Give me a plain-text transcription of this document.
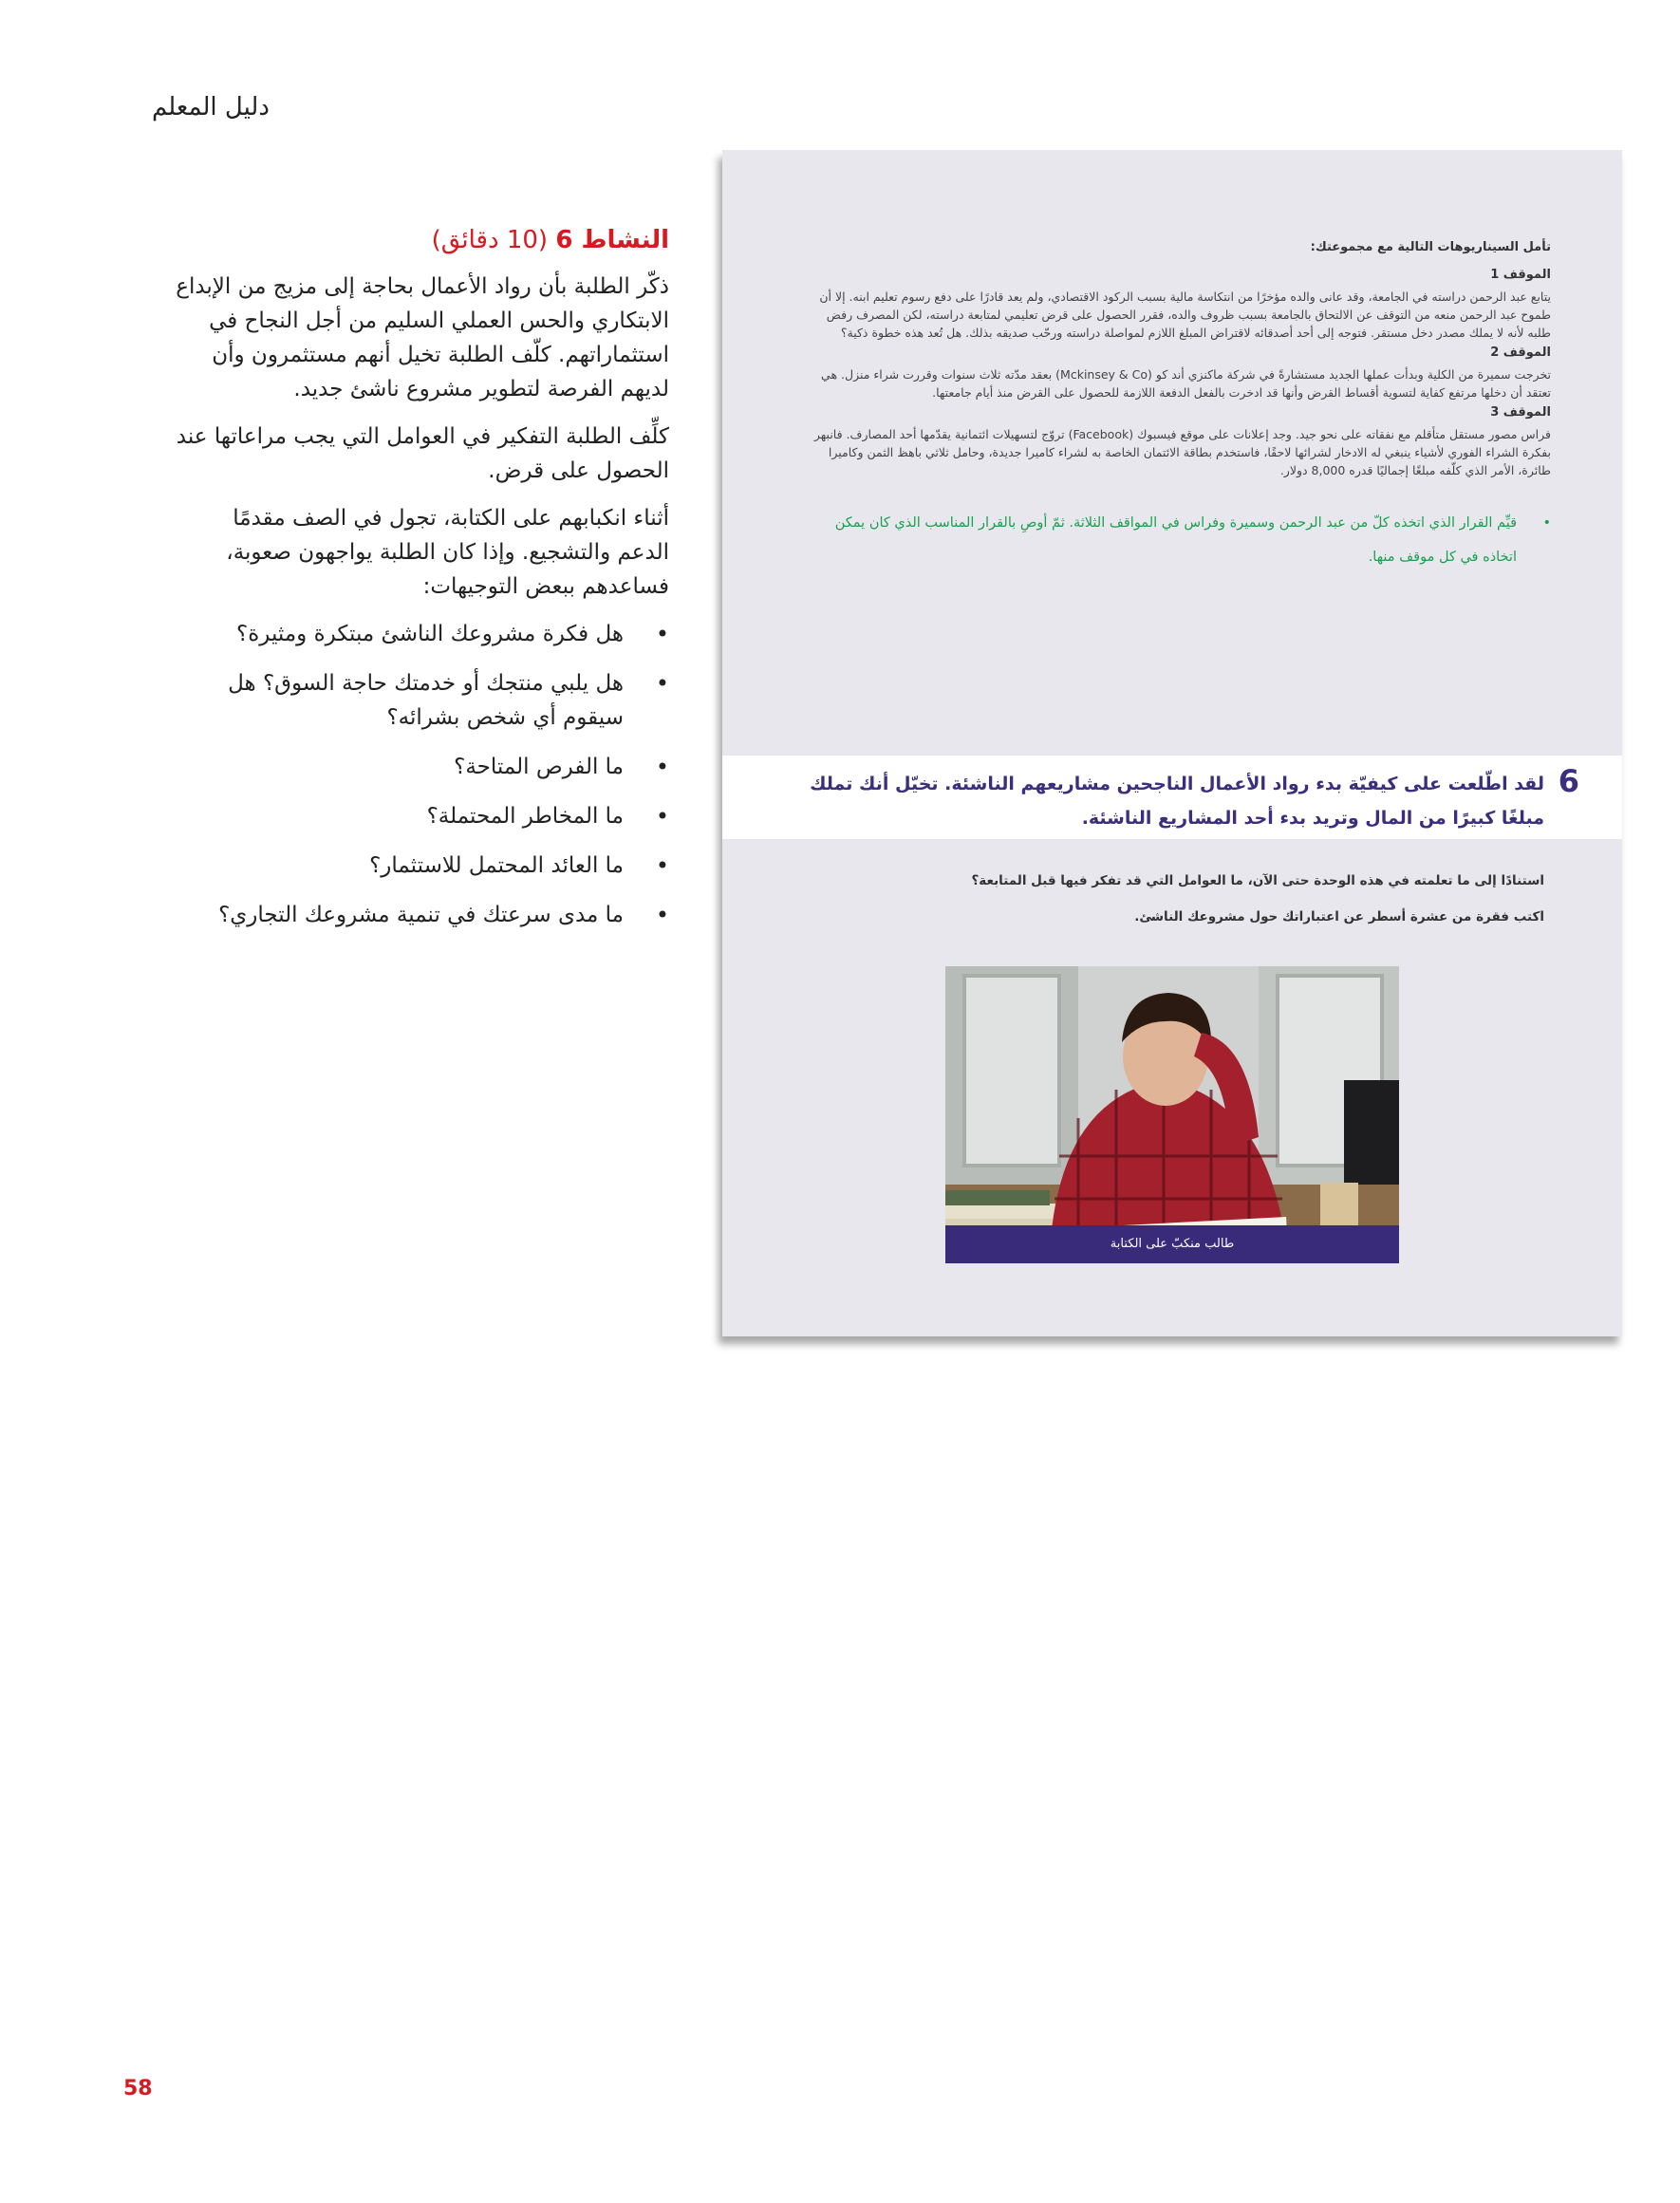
دليل المعلم
النشاط 6 (10 دقائق)

ذكّر الطلبة بأن رواد الأعمال بحاجة إلى مزيج من الإبداع الابتكاري والحس العملي السليم من أجل النجاح في استثماراتهم. كلّف الطلبة تخيل أنهم مستثمرون وأن لديهم الفرصة لتطوير مشروع ناشئ جديد.

كلِّف الطلبة التفكير في العوامل التي يجب مراعاتها عند الحصول على قرض.

أثناء انكبابهم على الكتابة، تجول في الصف مقدمًا الدعم والتشجيع. وإذا كان الطلبة يواجهون صعوبة، فساعدهم ببعض التوجيهات:

• هل فكرة مشروعك الناشئ مبتكرة ومثيرة؟
• هل يلبي منتجك أو خدمتك حاجة السوق؟ هل سيقوم أي شخص بشرائه؟
• ما الفرص المتاحة؟
• ما المخاطر المحتملة؟
• ما العائد المحتمل للاستثمار؟
• ما مدى سرعتك في تنمية مشروعك التجاري؟
تأمل السيناريوهات التالية مع مجموعتك:
الموقف 1
يتابع عبد الرحمن دراسته في الجامعة، وقد عانى والده مؤخرًا من انتكاسة مالية بسبب الركود الاقتصادي، ولم يعد قادرًا على دفع رسوم تعليم ابنه. إلا أن طموح عبد الرحمن منعه من التوقف عن الالتحاق بالجامعة بسبب ظروف والده، فقرر الحصول على قرض تعليمي لمتابعة دراسته، لكن المصرف رفض طلبه لأنه لا يملك مصدر دخل مستقر. فتوجه إلى أحد أصدقائه لاقتراض المبلغ اللازم لمواصلة دراسته ورحّب صديقه بذلك. هل تُعد هذه خطوة ذكية؟
الموقف 2
تخرجت سميرة من الكلية وبدأت عملها الجديد مستشارةً في شركة ماكنزي أند كو (Mckinsey & Co) بعقد مدّته ثلاث سنوات وقررت شراء منزل. هي تعتقد أن دخلها مرتفع كفاية لتسوية أقساط القرض وأنها قد ادخرت بالفعل الدفعة اللازمة للحصول على القرض منذ أيام جامعتها.
الموقف 3
فراس مصور مستقل متأقلم مع نفقاته على نحو جيد. وجد إعلانات على موقع فيسبوك (Facebook) تروّج لتسهيلات ائتمانية يقدّمها أحد المصارف. فانبهر بفكرة الشراء الفوري لأشياء ينبغي له الادخار لشرائها لاحقًا، فاستخدم بطاقة الائتمان الخاصة به لشراء كاميرا جديدة، وحامل ثلاثي باهظ الثمن وكاميرا طائرة، الأمر الذي كلّفه مبلغًا إجماليًا قدره 8,000 دولار.
• قيِّم القرار الذي اتخذه كلّ من عبد الرحمن وسميرة وفراس في المواقف الثلاثة. ثمّ أوصِ بالقرار المناسب الذي كان يمكن اتخاذه في كل موقف منها.
6
لقد اطّلعت على كيفيّة بدء رواد الأعمال الناجحين مشاريعهم الناشئة. تخيّل أنك تملك مبلغًا كبيرًا من المال وتريد بدء أحد المشاريع الناشئة.
استنادًا إلى ما تعلمته في هذه الوحدة حتى الآن، ما العوامل التي قد تفكر فيها قبل المتابعة؟
اكتب فقرة من عشرة أسطر عن اعتباراتك حول مشروعك الناشئ.
طالب منكبّ على الكتابة
58
